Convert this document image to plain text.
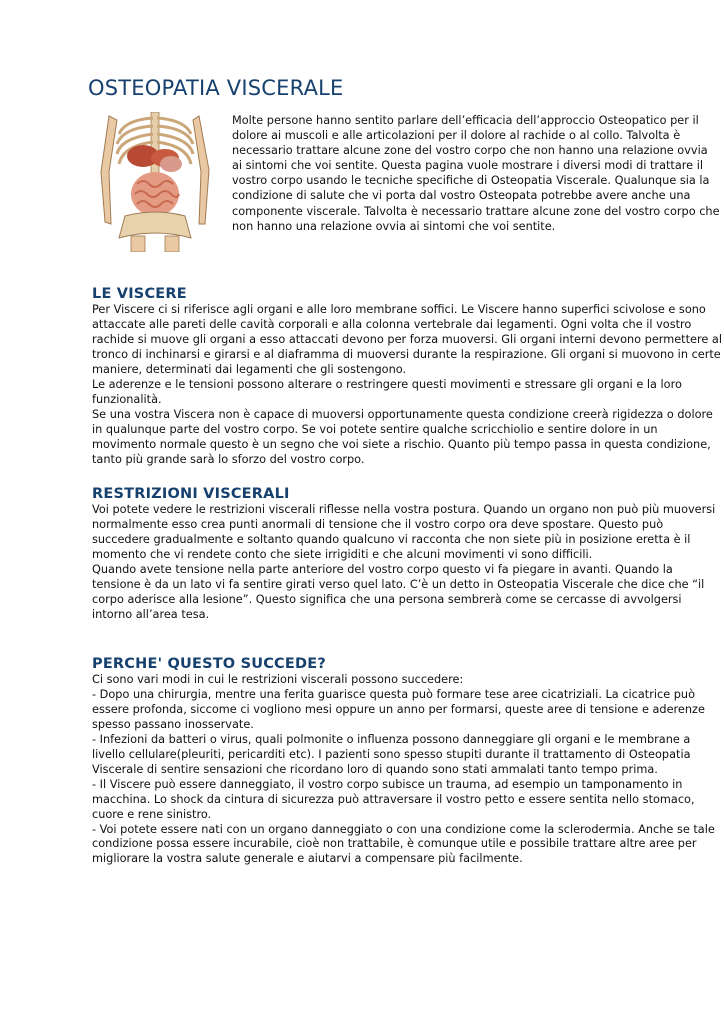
OSTEOPATIA VISCERALE

Molte persone hanno sentito parlare dell’efficacia dell’approccio Osteopatico per il dolore ai muscoli e alle articolazioni per il dolore al rachide o al collo. Talvolta è necessario trattare alcune zone del vostro corpo che non hanno una relazione ovvia ai sintomi che voi sentite. Questa pagina vuole mostrare i diversi modi di trattare il vostro corpo usando le tecniche specifiche di Osteopatia Viscerale. Qualunque sia la condizione di salute che vi porta dal vostro Osteopata potrebbe avere anche una componente viscerale. Talvolta è necessario trattare alcune zone del vostro corpo che non hanno una relazione ovvia ai sintomi che voi sentite.

LE VISCERE

Per Viscere ci si riferisce agli organi e alle loro membrane soffici. Le Viscere hanno superfici scivolose e sono attaccate alle pareti delle cavità corporali e alla colonna vertebrale dai legamenti. Ogni volta che il vostro rachide si muove gli organi a esso attaccati devono per forza muoversi. Gli organi interni devono permettere al tronco di inchinarsi e girarsi e al diaframma di muoversi durante la respirazione. Gli organi si muovono in certe maniere, determinati dai legamenti che gli sostengono.

Le aderenze e le tensioni possono alterare o restringere questi movimenti e stressare gli organi e la loro funzionalità.

Se una vostra Viscera non è capace di muoversi opportunamente questa condizione creerà rigidezza o dolore in qualunque parte del vostro corpo. Se voi potete sentire qualche scricchiolio e sentire dolore in un movimento normale questo è un segno che voi siete a rischio. Quanto più tempo passa in questa condizione, tanto più grande sarà lo sforzo del vostro corpo.

RESTRIZIONI VISCERALI

Voi potete vedere le restrizioni viscerali riflesse nella vostra postura. Quando un organo non può più muoversi normalmente esso crea punti anormali di tensione che il vostro corpo ora deve spostare. Questo può succedere gradualmente e soltanto quando qualcuno vi racconta che non siete più in posizione eretta è il momento che vi rendete conto che siete irrigiditi e che alcuni movimenti vi sono difficili.

Quando avete tensione nella parte anteriore del vostro corpo questo vi fa piegare in avanti. Quando la tensione è da un lato vi fa sentire girati verso quel lato. C’è un detto in Osteopatia Viscerale che dice che “il corpo aderisce alla lesione”. Questo significa che una persona sembrerà come se cercasse di avvolgersi intorno all’area tesa.

PERCHE' QUESTO SUCCEDE?

Ci sono vari modi in cui le restrizioni viscerali possono succedere:

- Dopo una chirurgia, mentre una ferita guarisce questa può formare tese aree cicatriziali. La cicatrice può essere profonda, siccome ci vogliono mesi oppure un anno per formarsi, queste aree di tensione e aderenze spesso passano inosservate.

- Infezioni da batteri o virus, quali polmonite o influenza possono danneggiare gli organi e le membrane a livello cellulare(pleuriti, pericarditi etc). I pazienti sono spesso stupiti durante il trattamento di Osteopatia Viscerale di sentire sensazioni che ricordano loro di quando sono stati ammalati tanto tempo prima.

- Il Viscere può essere danneggiato, il vostro corpo subisce un trauma, ad esempio un tamponamento in macchina. Lo shock da cintura di sicurezza può attraversare il vostro petto e essere sentita nello stomaco, cuore e rene sinistro.

- Voi potete essere nati con un organo danneggiato o con una condizione come la sclerodermia. Anche se tale condizione possa essere incurabile, cioè non trattabile, è comunque utile e possibile trattare altre aree per migliorare la vostra salute generale e aiutarvi a compensare più facilmente.
